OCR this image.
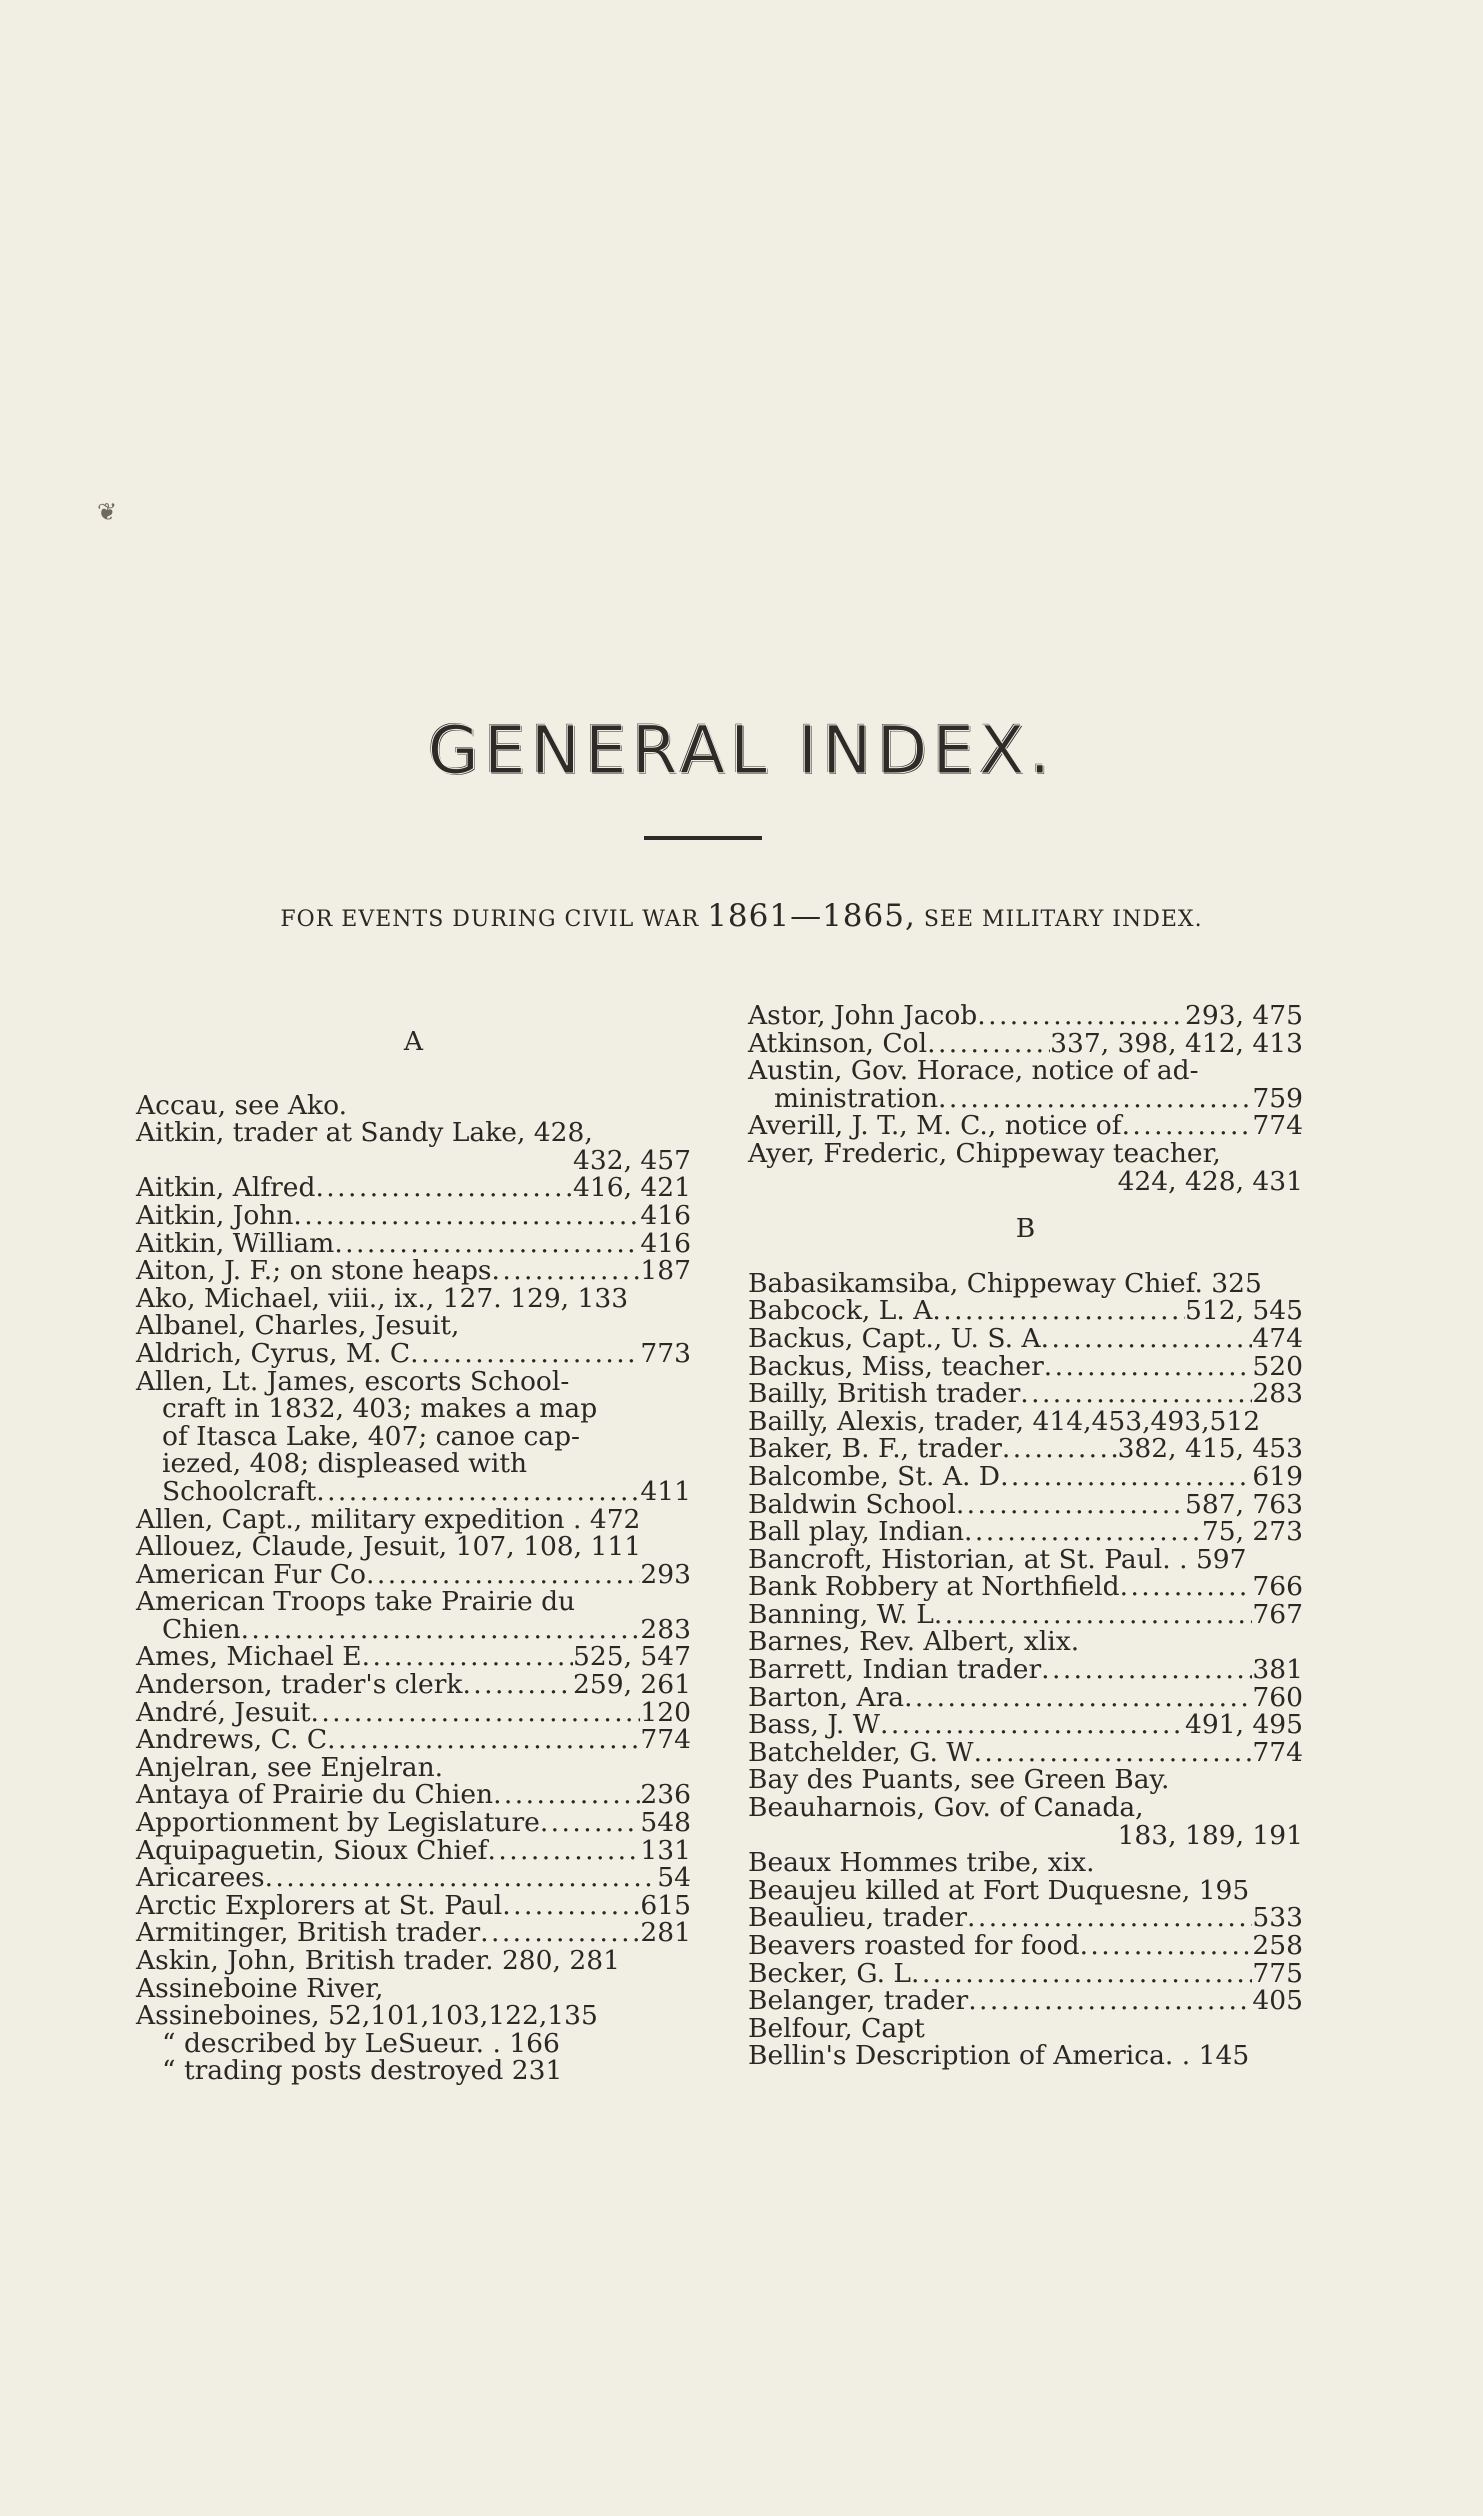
❦
GENERAL INDEX.
FOR EVENTS DURING CIVIL WAR 1861—1865, SEE MILITARY INDEX.
A
Accau, see Ako.
Aitkin, trader at Sandy Lake, 428,
432, 457
Aitkin, Alfred . . .	416, 421
Aitkin, John . . .	416
Aitkin, William . . .	416
Aiton, J. F.; on stone heaps . . .	187
Ako, Michael, viii., ix., 127. 129, 133
Albanel, Charles, Jesuit,
Aldrich, Cyrus, M. C . . .	773
Allen, Lt. James, escorts School-
craft in 1832, 403; makes a map
of Itasca Lake, 407; canoe cap-
iezed, 408; displeased with
Schoolcraft . . .	411
Allen, Capt., military expedition . 472
Allouez, Claude, Jesuit, 107, 108, 111
American Fur Co . . .	293
American Troops take Prairie du
Chien . . .	283
Ames, Michael E . . .	525, 547
Anderson, trader's clerk . . .	259, 261
André, Jesuit . . .	120
Andrews, C. C . . .	774
Anjelran, see Enjelran.
Antaya of Prairie du Chien . . .	236
Apportionment by Legislature . . .	548
Aquipaguetin, Sioux Chief . . .	131
Aricarees . . .	54
Arctic Explorers at St. Paul . . .	615
Armitinger, British trader . . .	281
Askin, John, British trader. 280, 281
Assineboine River,
Assineboines, 52,101,103,122,135
“ described by LeSueur. . 166
“ trading posts destroyed 231
Astor, John Jacob . . .	293, 475
Atkinson, Col . . .	337, 398, 412, 413
Austin, Gov. Horace, notice of ad-
ministration . . .	759
Averill, J. T., M. C., notice of . . .	774
Ayer, Frederic, Chippeway teacher,
424, 428, 431
B
Babasikamsiba, Chippeway Chief. 325
Babcock, L. A . . .	512, 545
Backus, Capt., U. S. A . . .	474
Backus, Miss, teacher . . .	520
Bailly, British trader . . .	283
Bailly, Alexis, trader, 414,453,493,512
Baker, B. F., trader . . .	382, 415, 453
Balcombe, St. A. D . . .	619
Baldwin School . . .	587, 763
Ball play, Indian . . .	75, 273
Bancroft, Historian, at St. Paul. . 597
Bank Robbery at Northfield . . .	766
Banning, W. L . . .	767
Barnes, Rev. Albert, xlix.
Barrett, Indian trader . . .	381
Barton, Ara . . .	760
Bass, J. W . . .	491, 495
Batchelder, G. W . . .	774
Bay des Puants, see Green Bay.
Beauharnois, Gov. of Canada,
183, 189, 191
Beaux Hommes tribe, xix.
Beaujeu killed at Fort Duquesne, 195
Beaulieu, trader . . .	533
Beavers roasted for food . . .	258
Becker, G. L . . .	775
Belanger, trader . . .	405
Belfour, Capt
Bellin's Description of America. . 145
